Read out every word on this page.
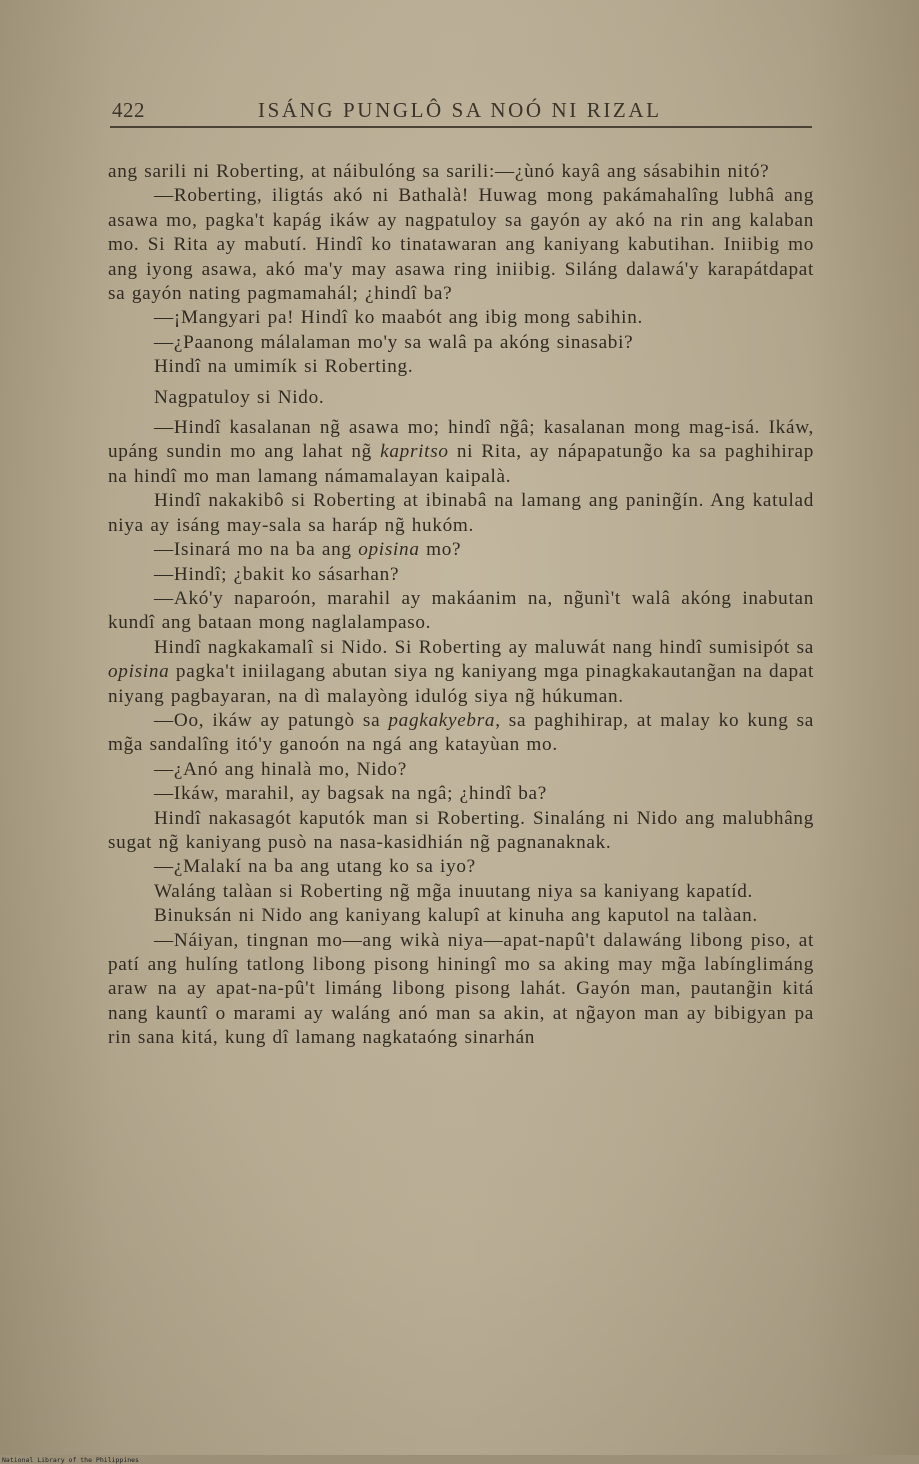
422	ISÁNG PUNGLÔ SA NOÓ NI RIZAL

ang sarili ni Roberting, at náibulóng sa sarili:—¿ùnó kayâ ang sásabihin nitó?

—Roberting, iligtás akó ni Bathalà! Huwag mong pakámahalîng lubhâ ang asawa mo, pagka't kapág ikáw ay nagpatuloy sa gayón ay akó na rin ang kalaban mo. Si Rita ay mabutí. Hindî ko tinatawaran ang kaniyang kabutihan. Iniibig mo ang iyong asawa, akó ma'y may asawa ring iniibig. Siláng dalawá'y karapátdapat sa gayón nating pagmamahál; ¿hindî ba?

—¡Mangyari pa! Hindî ko maabót ang ibig mong sabihin.

—¿Paanong málalaman mo'y sa walâ pa akóng sinasabi?

Hindî na umimík si Roberting.

Nagpatuloy si Nido.

—Hindî kasalanan ng̃ asawa mo; hindî ng̃â; kasalanan mong mag-isá. Ikáw, upáng sundin mo ang lahat ng̃ kapritso ni Rita, ay nápapatung̃o ka sa paghihirap na hindî mo man lamang námamalayan kaipalà.

Hindî nakakibô si Roberting at ibinabâ na lamang ang paning̃ín. Ang katulad niya ay isáng may-sala sa haráp ng̃ hukóm.

—Isinará mo na ba ang opisina mo?

—Hindî; ¿bakit ko sásarhan?

—Akó'y naparoón, marahil ay makáanim na, ng̃unì't walâ akóng inabutan kundî ang bataan mong naglalampaso.

Hindî nagkakamalî si Nido. Si Roberting ay maluwát nang hindî sumisipót sa opisina pagka't iniilagang abutan siya ng kaniyang mga pinagkakautang̃an na dapat niyang pagbayaran, na dì malayòng idulóg siya ng̃ húkuman.

—Oo, ikáw ay patungò sa pagkakyebra, sa paghihirap, at malay ko kung sa mg̃a sandalîng itó'y ganoón na ngá ang katayùan mo.

—¿Anó ang hinalà mo, Nido?

—Ikáw, marahil, ay bagsak na ngâ; ¿hindî ba?

Hindî nakasagót kaputók man si Roberting. Sinaláng ni Nido ang malubhâng sugat ng̃ kaniyang pusò na nasa-kasidhián ng̃ pagnanaknak.

—¿Malakí na ba ang utang ko sa iyo?

Waláng talàan si Roberting ng̃ mg̃a inuutang niya sa kaniyang kapatíd.

Binuksán ni Nido ang kaniyang kalupî at kinuha ang kaputol na talàan.

—Náiyan, tingnan mo—ang wikà niya—apat-napû't dalawáng libong piso, at patí ang hulíng tatlong libong pisong hiningî mo sa aking may mg̃a labínglimáng araw na ay apat-na-pû't limáng libong pisong lahát. Gayón man, pautang̃in kitá nang kauntî o marami ay waláng anó man sa akin, at ng̃ayon man ay bibigyan pa rin sana kitá, kung dî lamang nagkataóng sinarhán

National Library of the Philippines
